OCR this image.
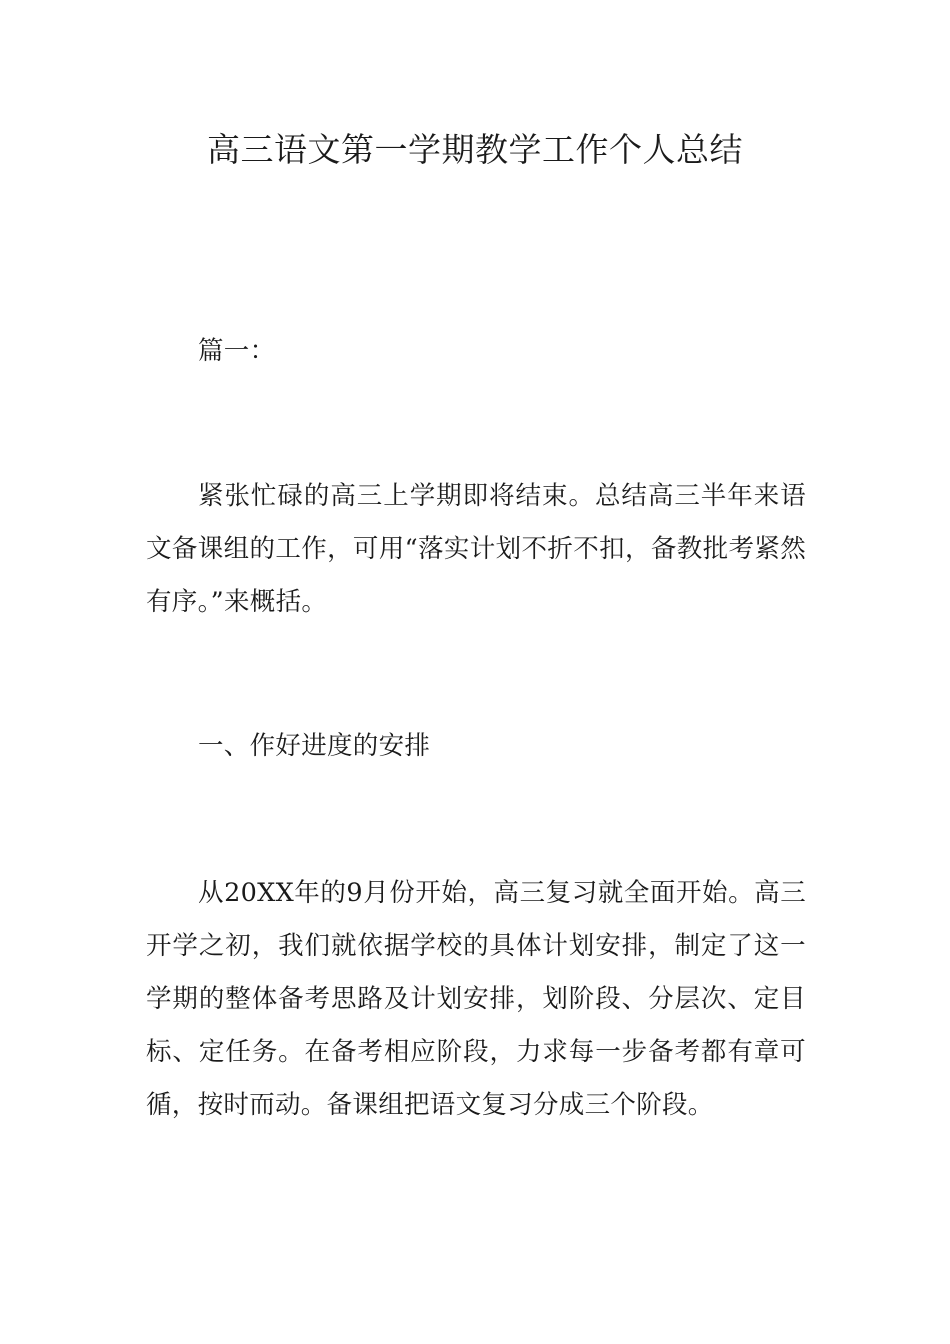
高三语文第一学期教学工作个人总结

篇一：

紧张忙碌的高三上学期即将结束。总结高三半年来语文备课组的工作，可用“落实计划不折不扣，备教批考紧然有序。”来概括。

一、作好进度的安排

从20XX年的9月份开始，高三复习就全面开始。高三开学之初，我们就依据学校的具体计划安排，制定了这一学期的整体备考思路及计划安排，划阶段、分层次、定目标、定任务。在备考相应阶段，力求每一步备考都有章可循，按时而动。备课组把语文复习分成三个阶段。
